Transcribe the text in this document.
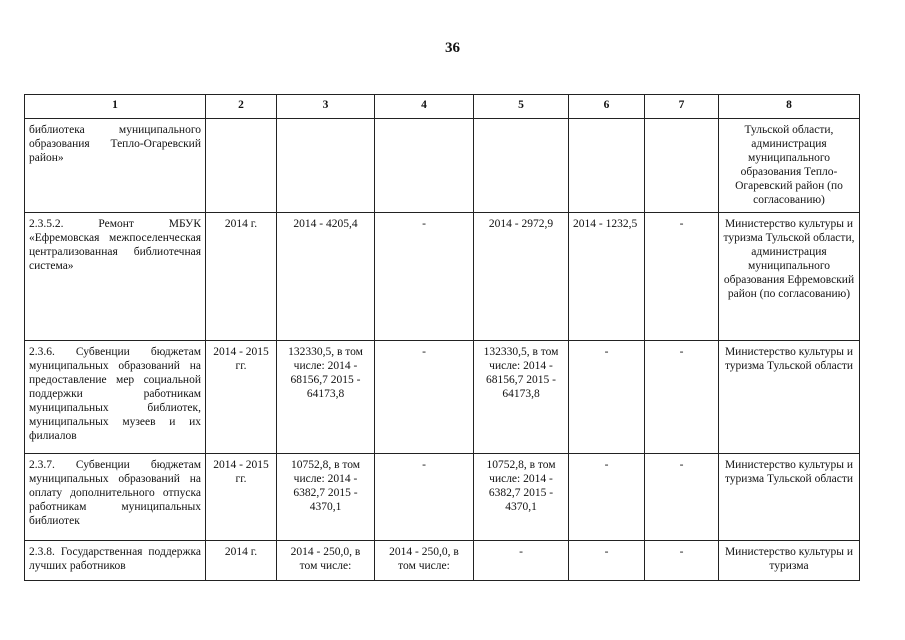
36
1	2	3	4	5	6	7	8
библиотека муниципального образования Тепло-Огаревский район»							Тульской области, администрация муниципального образования Тепло-Огаревский район (по согласованию)
2.3.5.2. Ремонт МБУК «Ефремовская межпоселенческая централизованная библиотечная система»	2014 г.	2014 - 4205,4	-	2014 - 2972,9	2014 - 1232,5	-	Министерство культуры и туризма Тульской области, администрация муниципального образования Ефремовский район (по согласованию)
2.3.6. Субвенции бюджетам муниципальных образований на предоставление мер социальной поддержки работникам муниципальных библиотек, муниципальных музеев и их филиалов	2014 - 2015 гг.	132330,5, в том числе: 2014 - 68156,7 2015 - 64173,8	-	132330,5, в том числе: 2014 - 68156,7 2015 - 64173,8	-	-	Министерство культуры и туризма Тульской области
2.3.7. Субвенции бюджетам муниципальных образований на оплату дополнительного отпуска работникам муниципальных библиотек	2014 - 2015 гг.	10752,8, в том числе: 2014 - 6382,7 2015 - 4370,1	-	10752,8, в том числе: 2014 - 6382,7 2015 - 4370,1	-	-	Министерство культуры и туризма Тульской области
2.3.8. Государственная поддержка лучших работников	2014 г.	2014 - 250,0, в том числе:	2014 - 250,0, в том числе:	-	-	-	Министерство культуры и туризма
